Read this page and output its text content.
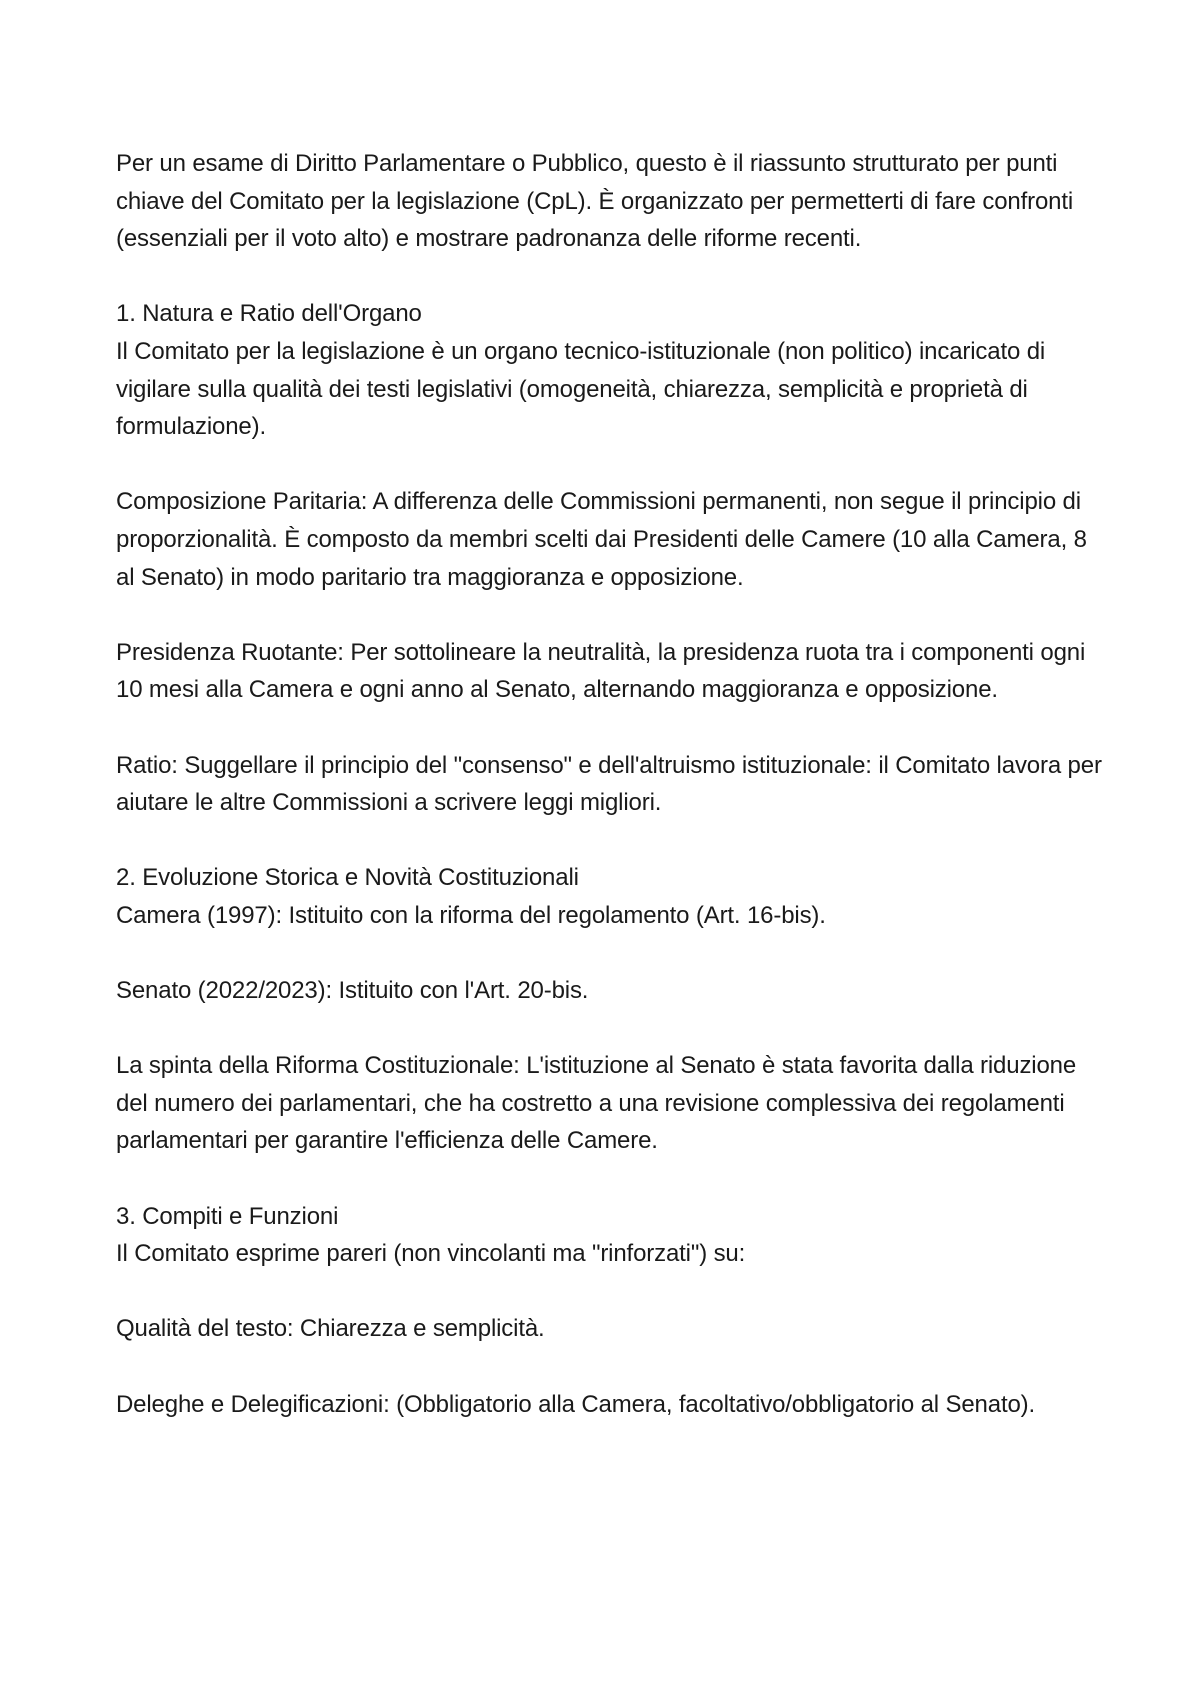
Per un esame di Diritto Parlamentare o Pubblico, questo è il riassunto strutturato per punti chiave del Comitato per la legislazione (CpL). È organizzato per permetterti di fare confronti (essenziali per il voto alto) e mostrare padronanza delle riforme recenti.

1. Natura e Ratio dell'Organo
Il Comitato per la legislazione è un organo tecnico-istituzionale (non politico) incaricato di vigilare sulla qualità dei testi legislativi (omogeneità, chiarezza, semplicità e proprietà di formulazione).

Composizione Paritaria: A differenza delle Commissioni permanenti, non segue il principio di proporzionalità. È composto da membri scelti dai Presidenti delle Camere (10 alla Camera, 8 al Senato) in modo paritario tra maggioranza e opposizione.

Presidenza Ruotante: Per sottolineare la neutralità, la presidenza ruota tra i componenti ogni 10 mesi alla Camera e ogni anno al Senato, alternando maggioranza e opposizione.

Ratio: Suggellare il principio del "consenso" e dell'altruismo istituzionale: il Comitato lavora per aiutare le altre Commissioni a scrivere leggi migliori.

2. Evoluzione Storica e Novità Costituzionali
Camera (1997): Istituito con la riforma del regolamento (Art. 16-bis).

Senato (2022/2023): Istituito con l'Art. 20-bis.

La spinta della Riforma Costituzionale: L'istituzione al Senato è stata favorita dalla riduzione del numero dei parlamentari, che ha costretto a una revisione complessiva dei regolamenti parlamentari per garantire l'efficienza delle Camere.

3. Compiti e Funzioni
Il Comitato esprime pareri (non vincolanti ma "rinforzati") su:

Qualità del testo: Chiarezza e semplicità.

Deleghe e Delegificazioni: (Obbligatorio alla Camera, facoltativo/obbligatorio al Senato).
